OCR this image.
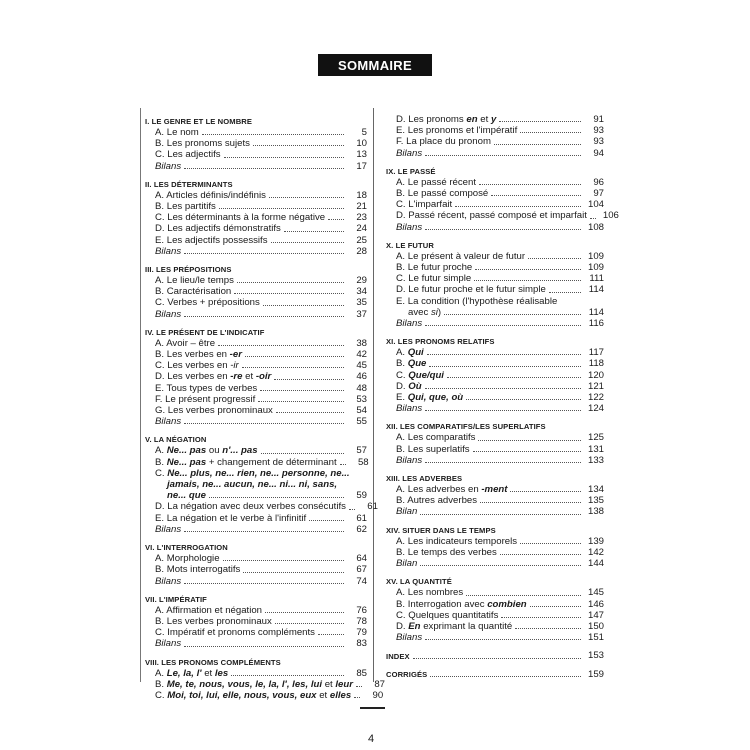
SOMMAIRE
I. LE GENRE ET LE NOMBRE
A. Le nom	5
B. Les pronoms sujets	10
C. Les adjectifs	13
Bilans	17
II. LES DÉTERMINANTS
A. Articles définis/indéfinis	18
B. Les partitifs	21
C. Les déterminants à la forme négative	23
D. Les adjectifs démonstratifs	24
E. Les adjectifs possessifs	25
Bilans	28
III. LES PRÉPOSITIONS
A. Le lieu/le temps	29
B. Caractérisation	34
C. Verbes + prépositions	35
Bilans	37
IV. LE PRÉSENT DE L'INDICATIF
A. Avoir – être	38
B. Les verbes en -er	42
C. Les verbes en -ir	45
D. Les verbes en -re et -oir	46
E. Tous types de verbes	48
F. Le présent progressif	53
G. Les verbes pronominaux	54
Bilans	55
V. LA NÉGATION
A. Ne... pas ou n'... pas	57
B. Ne... pas + changement de déterminant	58
C. Ne... plus, ne... rien, ne... personne, ne...
jamais, ne... aucun, ne... ni... ni, sans,
ne... que	59
D. La négation avec deux verbes consécutifs	61
E. La négation et le verbe à l'infinitif	61
Bilans	62
VI. L'INTERROGATION
A. Morphologie	64
B. Mots interrogatifs	67
Bilans	74
VII. L'IMPÉRATIF
A. Affirmation et négation	76
B. Les verbes pronominaux	78
C. Impératif et pronoms compléments	79
Bilans	83
VIII. LES PRONOMS COMPLÉMENTS
A. Le, la, l' et les	85
B. Me, te, nous, vous, le, la, l', les, lui et leur	87
C. Moi, toi, lui, elle, nous, vous, eux et elles	90
D. Les pronoms en et y	91
E. Les pronoms et l'impératif	93
F. La place du pronom	93
Bilans	94
IX. LE PASSÉ
A. Le passé récent	96
B. Le passé composé	97
C. L'imparfait	104
D. Passé récent, passé composé et imparfait	106
Bilans	108
X. LE FUTUR
A. Le présent à valeur de futur	109
B. Le futur proche	109
C. Le futur simple	111
D. Le futur proche et le futur simple	114
E. La condition (l'hypothèse réalisable
avec si)	114
Bilans	116
XI. LES PRONOMS RELATIFS
A. Qui	117
B. Que	118
C. Que/qui	120
D. Où	121
E. Qui, que, où	122
Bilans	124
XII. LES COMPARATIFS/LES SUPERLATIFS
A. Les comparatifs	125
B. Les superlatifs	131
Bilans	133
XIII. LES ADVERBES
A. Les adverbes en -ment	134
B. Autres adverbes	135
Bilan	138
XIV. SITUER DANS LE TEMPS
A. Les indicateurs temporels	139
B. Le temps des verbes	142
Bilan	144
XV. LA QUANTITÉ
A. Les nombres	145
B. Interrogation avec combien	146
C. Quelques quantitatifs	147
D. En exprimant la quantité	150
Bilans	151
INDEX	153
CORRIGÉS	159
4
